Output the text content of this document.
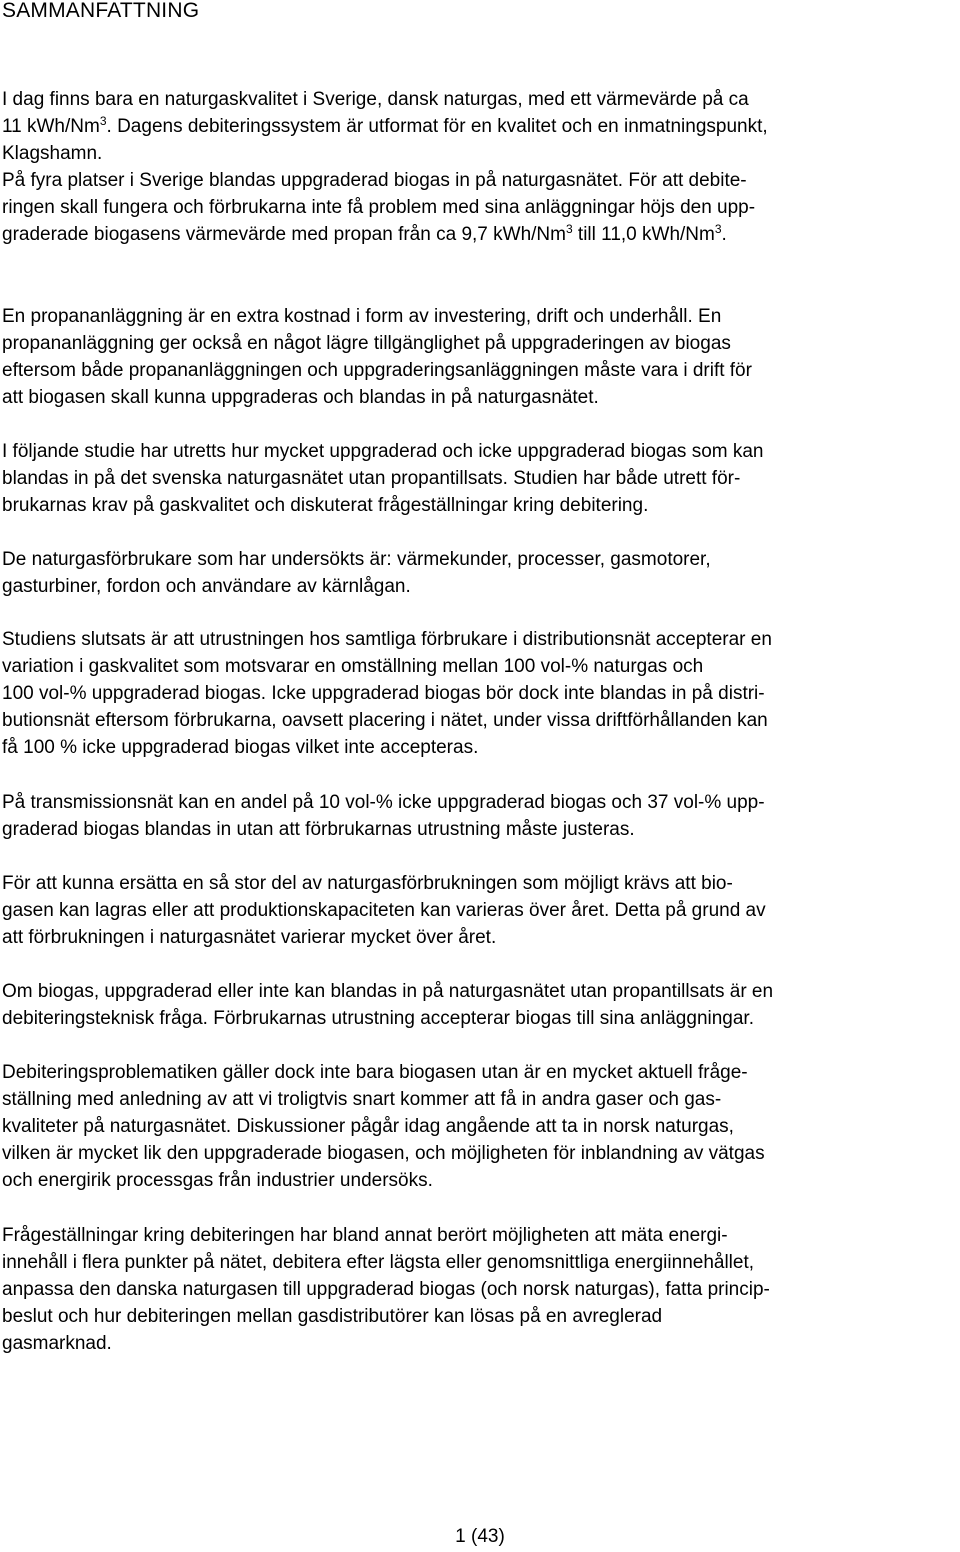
SAMMANFATTNING

I dag finns bara en naturgaskvalitet i Sverige, dansk naturgas, med ett värmevärde på ca
11 kWh/Nm$^3$. Dagens debiteringssystem är utformat för en kvalitet och en inmatningspunkt,
Klagshamn.

På fyra platser i Sverige blandas uppgraderad biogas in på naturgasnätet. För att debite-
ringen skall fungera och förbrukarna inte få problem med sina anläggningar höjs den upp-
graderade biogasens värmevärde med propan från ca 9,7 kWh/Nm$^3$ till 11,0 kWh/Nm$^3$.

En propananläggning är en extra kostnad i form av investering, drift och underhåll. En
propananläggning ger också en något lägre tillgänglighet på uppgraderingen av biogas
eftersom både propananläggningen och uppgraderingsanläggningen måste vara i drift för
att biogasen skall kunna uppgraderas och blandas in på naturgasnätet.

I följande studie har utretts hur mycket uppgraderad och icke uppgraderad biogas som kan
blandas in på det svenska naturgasnätet utan propantillsats. Studien har både utrett för-
brukarnas krav på gaskvalitet och diskuterat frågeställningar kring debitering.

De naturgasförbrukare som har undersökts är: värmekunder, processer, gasmotorer,
gasturbiner, fordon och användare av kärnlågan.

Studiens slutsats är att utrustningen hos samtliga förbrukare i distributionsnät accepterar en
variation i gaskvalitet som motsvarar en omställning mellan 100 vol-% naturgas och
100 vol-% uppgraderad biogas. Icke uppgraderad biogas bör dock inte blandas in på distri-
butionsnät eftersom förbrukarna, oavsett placering i nätet, under vissa driftförhållanden kan
få 100 % icke uppgraderad biogas vilket inte accepteras.

På transmissionsnät kan en andel på 10 vol-% icke uppgraderad biogas och 37 vol-% upp-
graderad biogas blandas in utan att förbrukarnas utrustning måste justeras.

För att kunna ersätta en så stor del av naturgasförbrukningen som möjligt krävs att bio-
gasen kan lagras eller att produktionskapaciteten kan varieras över året. Detta på grund av
att förbrukningen i naturgasnätet varierar mycket över året.

Om biogas, uppgraderad eller inte kan blandas in på naturgasnätet utan propantillsats är en
debiteringsteknisk fråga. Förbrukarnas utrustning accepterar biogas till sina anläggningar.

Debiteringsproblematiken gäller dock inte bara biogasen utan är en mycket aktuell fråge-
ställning med anledning av att vi troligtvis snart kommer att få in andra gaser och gas-
kvaliteter på naturgasnätet. Diskussioner pågår idag angående att ta in norsk naturgas,
vilken är mycket lik den uppgraderade biogasen, och möjligheten för inblandning av vätgas
och energirik processgas från industrier undersöks.

Frågeställningar kring debiteringen har bland annat berört möjligheten att mäta energi-
innehåll i flera punkter på nätet, debitera efter lägsta eller genomsnittliga energiinnehållet,
anpassa den danska naturgasen till uppgraderad biogas (och norsk naturgas), fatta princip-
beslut och hur debiteringen mellan gasdistributörer kan lösas på en avreglerad
gasmarknad.

1 (43)
